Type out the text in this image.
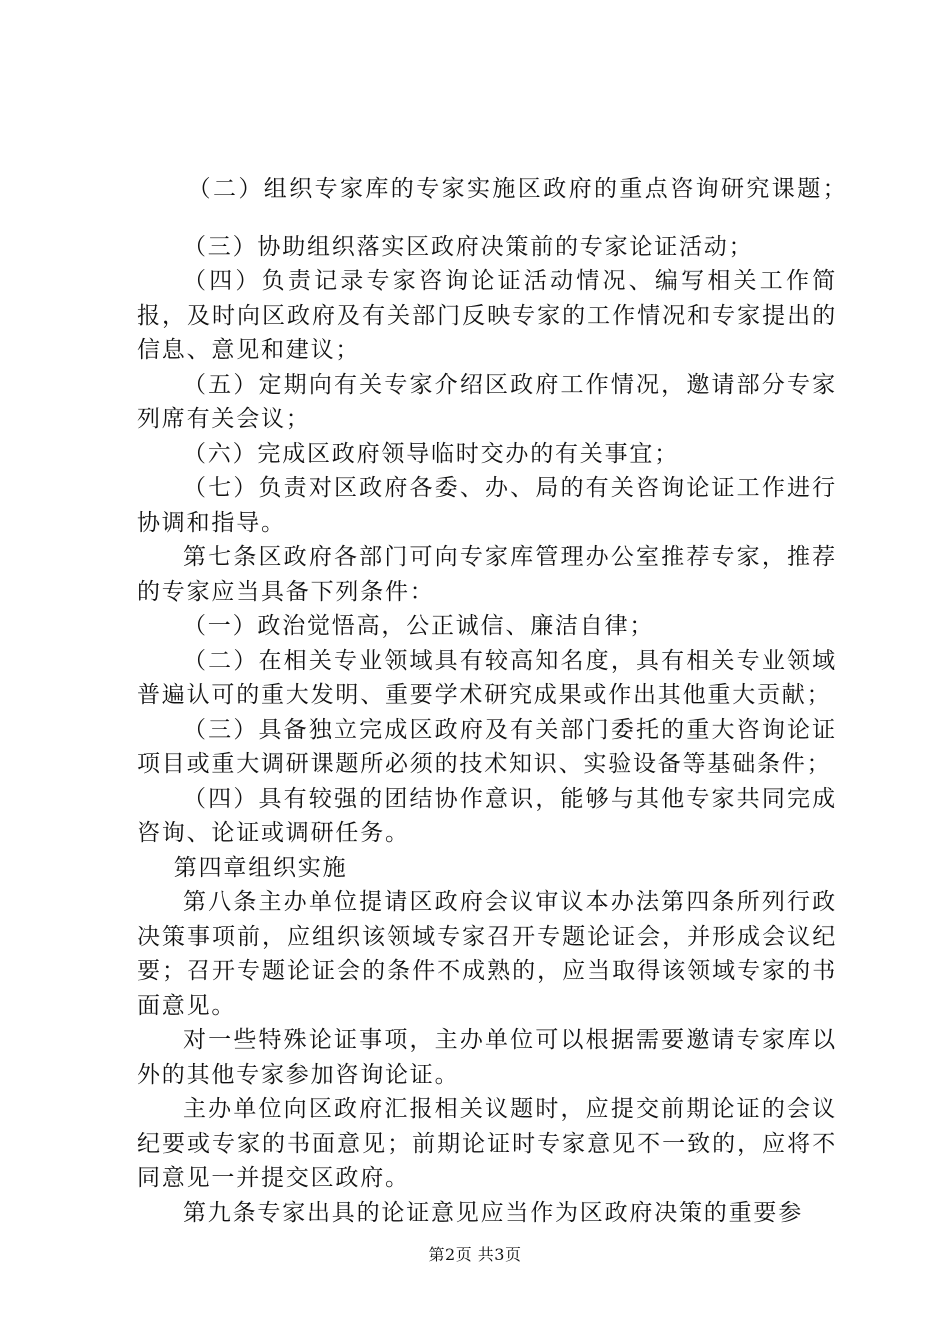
（二）组织专家库的专家实施区政府的重点咨询研究课题；

（三）协助组织落实区政府决策前的专家论证活动；

（四）负责记录专家咨询论证活动情况、编写相关工作简报，及时向区政府及有关部门反映专家的工作情况和专家提出的信息、意见和建议；

（五）定期向有关专家介绍区政府工作情况，邀请部分专家列席有关会议；

（六）完成区政府领导临时交办的有关事宜；

（七）负责对区政府各委、办、局的有关咨询论证工作进行协调和指导。

第七条区政府各部门可向专家库管理办公室推荐专家，推荐的专家应当具备下列条件：

（一）政治觉悟高，公正诚信、廉洁自律；

（二）在相关专业领域具有较高知名度，具有相关专业领域普遍认可的重大发明、重要学术研究成果或作出其他重大贡献；

（三）具备独立完成区政府及有关部门委托的重大咨询论证项目或重大调研课题所必须的技术知识、实验设备等基础条件；

（四）具有较强的团结协作意识，能够与其他专家共同完成咨询、论证或调研任务。

第四章组织实施

第八条主办单位提请区政府会议审议本办法第四条所列行政决策事项前，应组织该领域专家召开专题论证会，并形成会议纪要；召开专题论证会的条件不成熟的，应当取得该领域专家的书面意见。

对一些特殊论证事项，主办单位可以根据需要邀请专家库以外的其他专家参加咨询论证。

主办单位向区政府汇报相关议题时，应提交前期论证的会议纪要或专家的书面意见；前期论证时专家意见不一致的，应将不同意见一并提交区政府。

第九条专家出具的论证意见应当作为区政府决策的重要参

第2页 共3页
